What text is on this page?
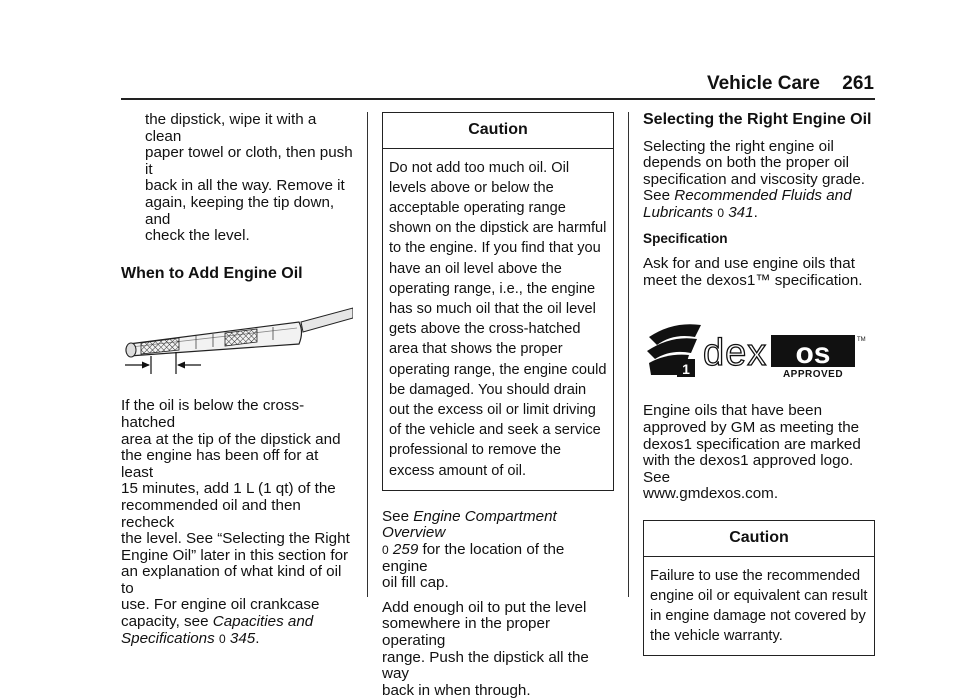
Vehicle Care 261
the dipstick, wipe it with a clean
paper towel or cloth, then push it
back in all the way. Remove it
again, keeping the tip down, and
check the level.
When to Add Engine Oil
If the oil is below the cross-hatched
area at the tip of the dipstick and
the engine has been off for at least
15 minutes, add 1 L (1 qt) of the
recommended oil and then recheck
the level. See “Selecting the Right
Engine Oil” later in this section for
an explanation of what kind of oil to
use. For engine oil crankcase
capacity, see Capacities and
Specifications 0 345.
Caution
Do not add too much oil. Oil
levels above or below the
acceptable operating range
shown on the dipstick are harmful
to the engine. If you find that you
have an oil level above the
operating range, i.e., the engine
has so much oil that the oil level
gets above the cross-hatched
area that shows the proper
operating range, the engine could
be damaged. You should drain
out the excess oil or limit driving
of the vehicle and seek a service
professional to remove the
excess amount of oil.
See Engine Compartment Overview
0 259 for the location of the engine
oil fill cap.
Add enough oil to put the level
somewhere in the proper operating
range. Push the dipstick all the way
back in when through.
Selecting the Right Engine Oil
Selecting the right engine oil
depends on both the proper oil
specification and viscosity grade.
See Recommended Fluids and
Lubricants 0 341.
Specification
Ask for and use engine oils that
meet the dexos1™ specification.
1 dex os	TM
APPROVED
Engine oils that have been
approved by GM as meeting the
dexos1 specification are marked
with the dexos1 approved logo. See
www.gmdexos.com.
Caution
Failure to use the recommended
engine oil or equivalent can result
in engine damage not covered by
the vehicle warranty.
